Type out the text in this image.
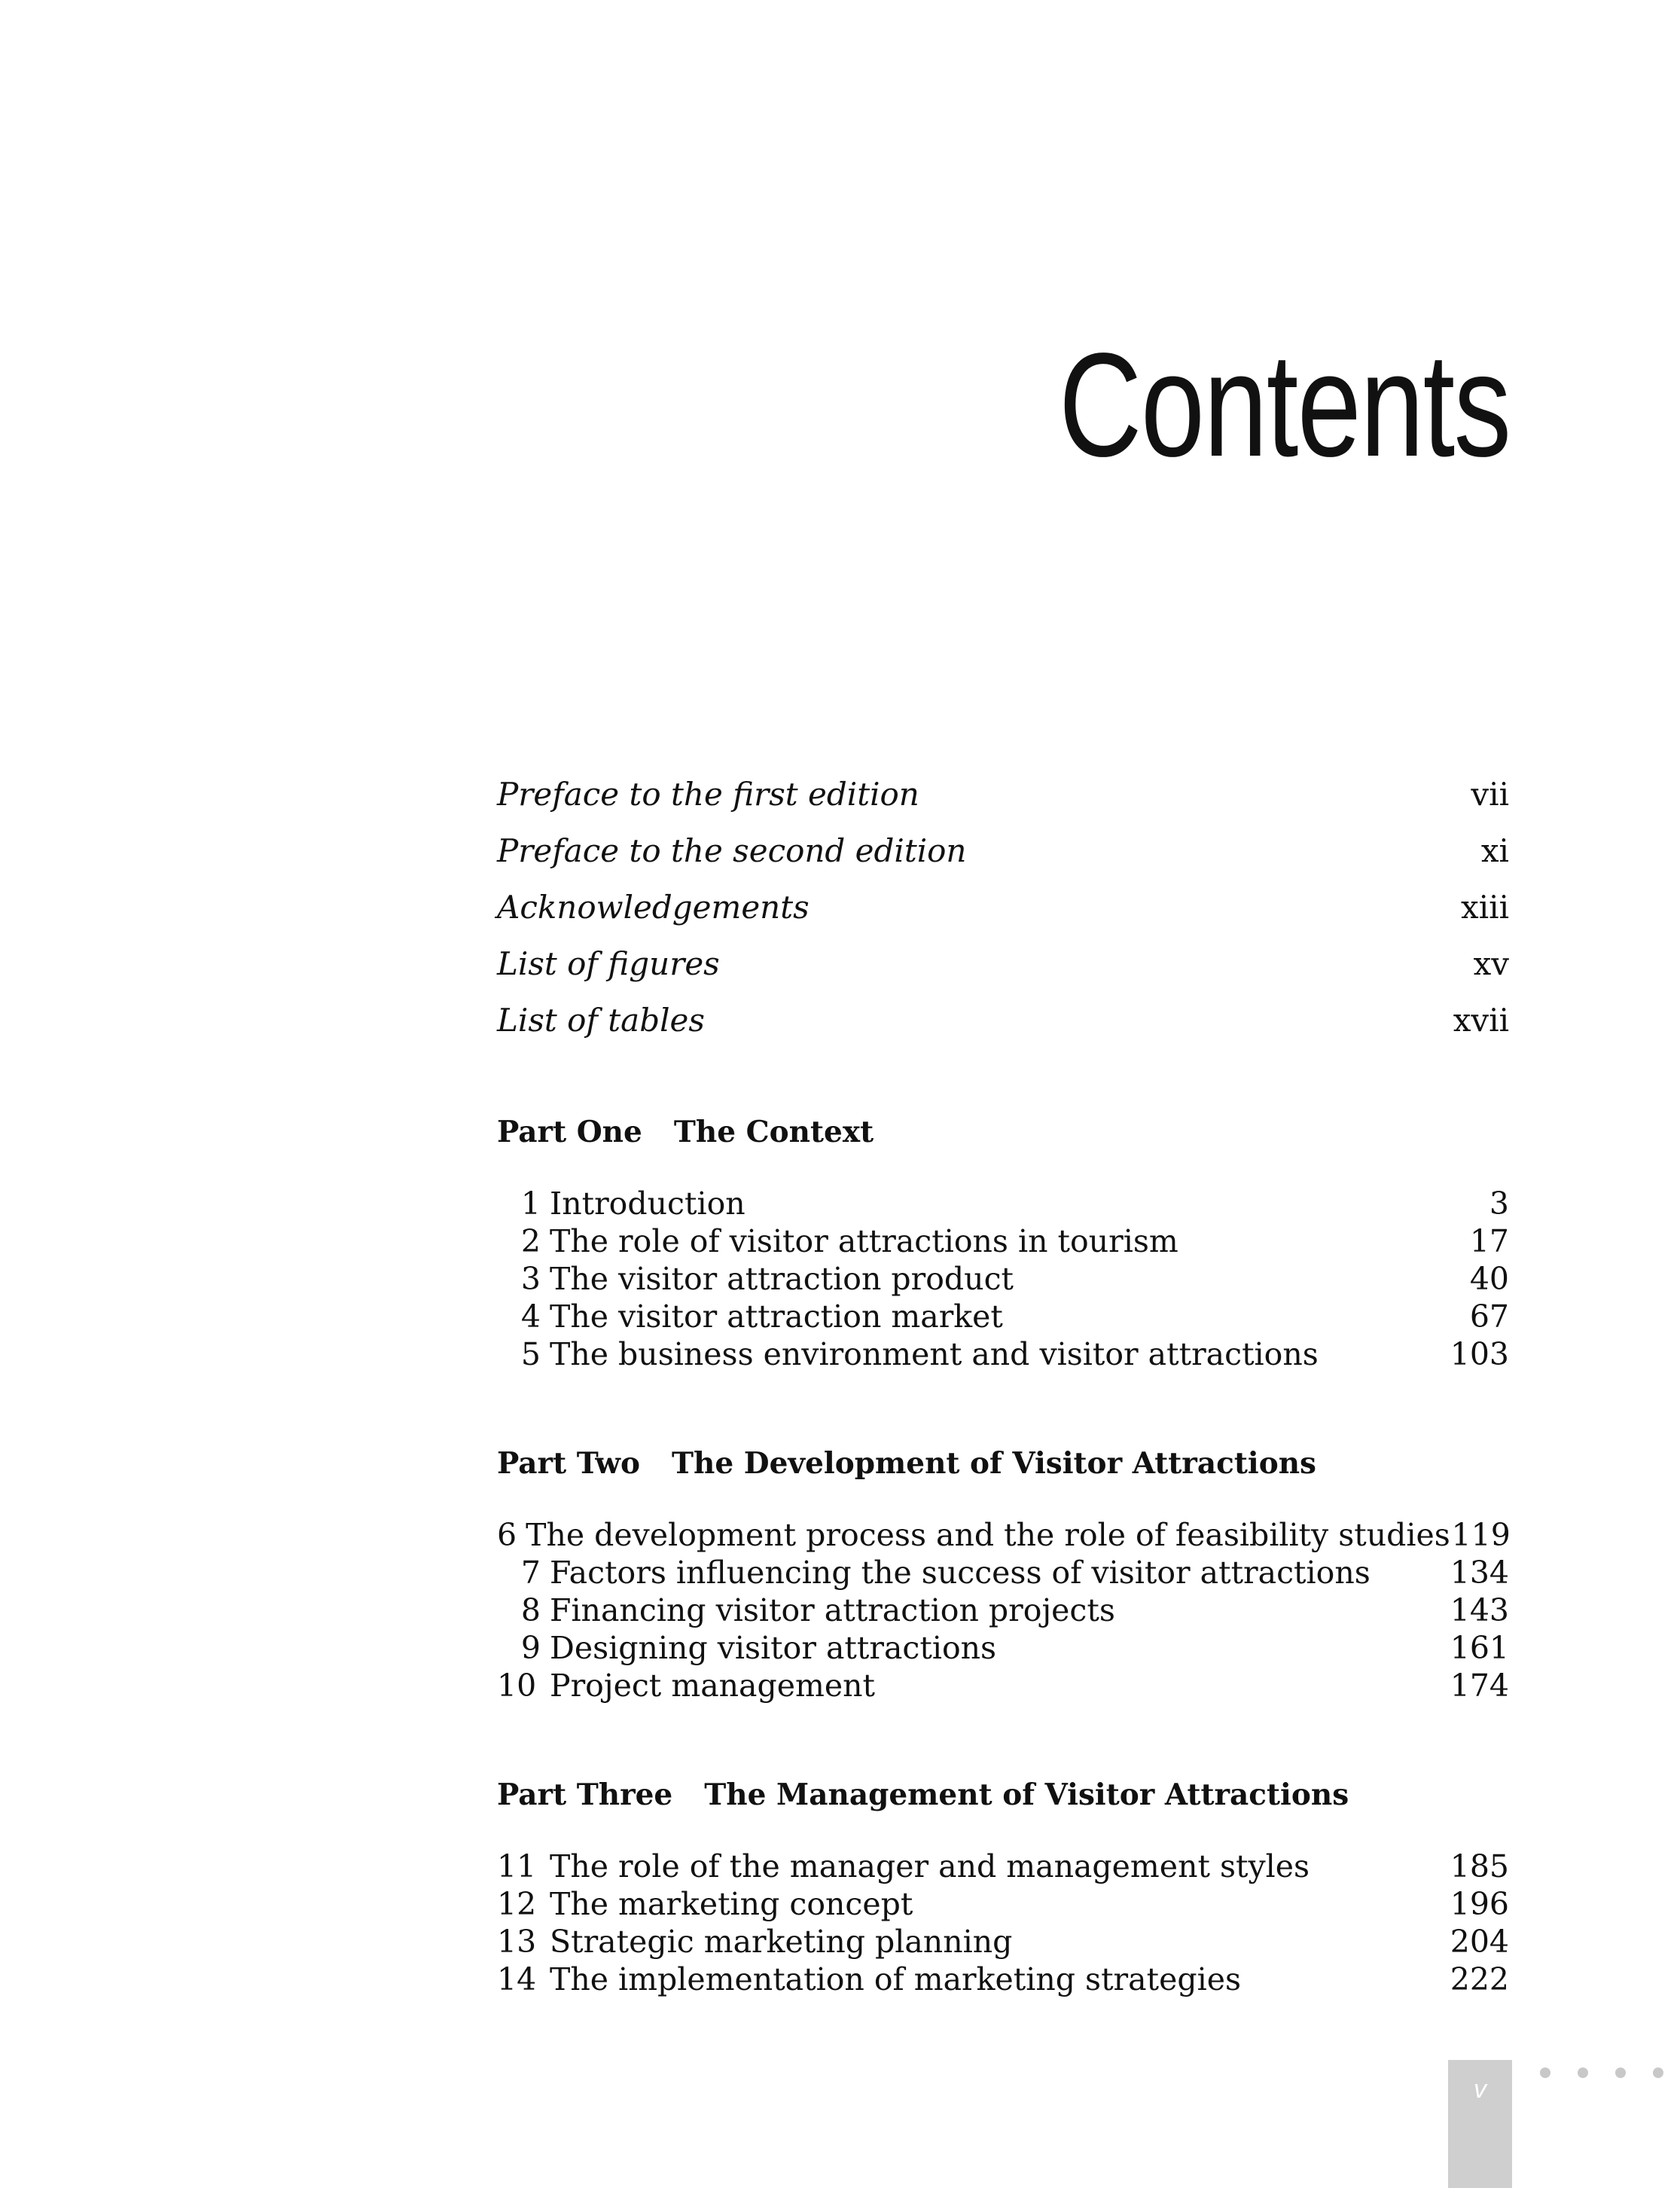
Contents
Preface to the first edition	vii
Preface to the second edition	xi
Acknowledgements	xiii
List of figures	xv
List of tables	xvii
Part One The Context
1 Introduction	3
2 The role of visitor attractions in tourism	17
3 The visitor attraction product	40
4 The visitor attraction market	67
5 The business environment and visitor attractions	103
Part Two The Development of Visitor Attractions
6 The development process and the role of feasibility studies 119
7 Factors influencing the success of visitor attractions	134
8 Financing visitor attraction projects	143
9 Designing visitor attractions	161
10 Project management	174
Part Three The Management of Visitor Attractions
11 The role of the manager and management styles	185
12 The marketing concept	196
13 Strategic marketing planning	204
14 The implementation of marketing strategies	222
v
